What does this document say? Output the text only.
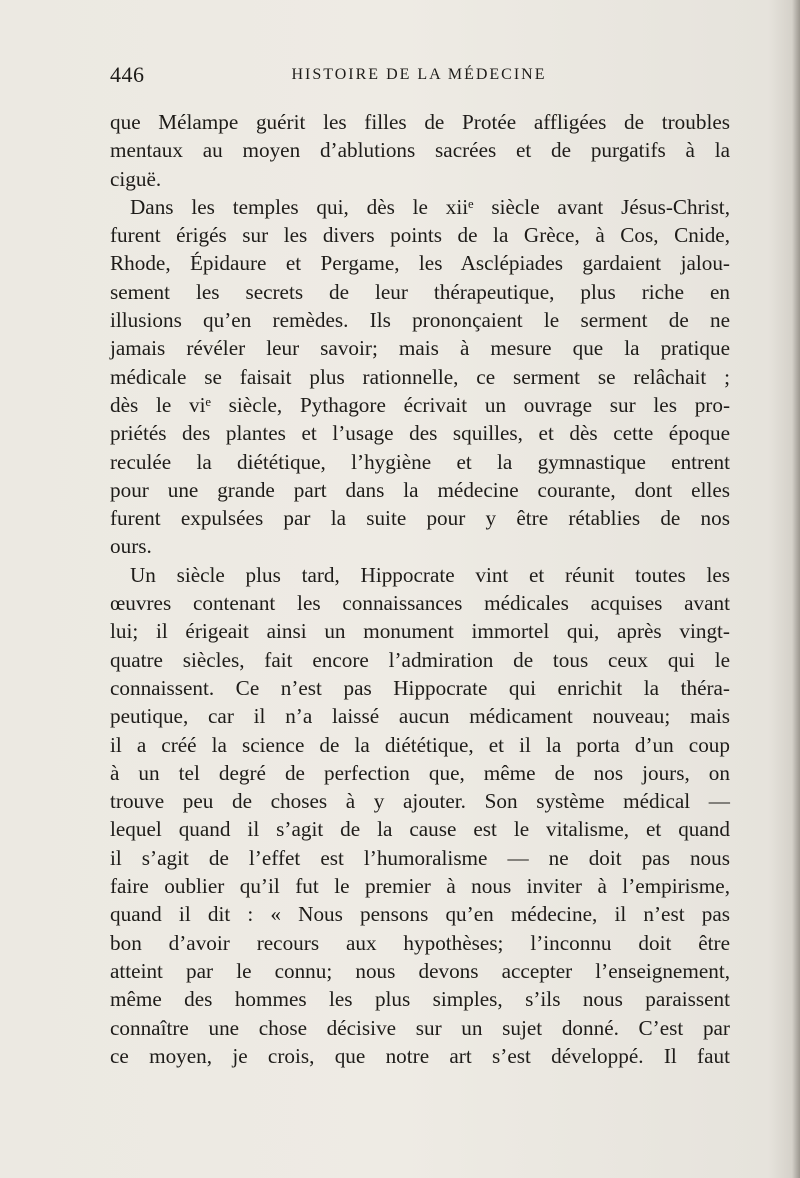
446	HISTOIRE DE LA MÉDECINE
que Mélampe guérit les filles de Protée affligées de troubles
mentaux au moyen d’ablutions sacrées et de purgatifs à la
ciguë.
Dans les temples qui, dès le xiiᵉ siècle avant Jésus-Christ,
furent érigés sur les divers points de la Grèce, à Cos, Cnide,
Rhode, Épidaure et Pergame, les Asclépiades gardaient jalou-
sement les secrets de leur thérapeutique, plus riche en
illusions qu’en remèdes. Ils prononçaient le serment de ne
jamais révéler leur savoir; mais à mesure que la pratique
médicale se faisait plus rationnelle, ce serment se relâchait ;
dès le viᵉ siècle, Pythagore écrivait un ouvrage sur les pro-
priétés des plantes et l’usage des squilles, et dès cette époque
reculée la diététique, l’hygiène et la gymnastique entrent
pour une grande part dans la médecine courante, dont elles
furent expulsées par la suite pour y être rétablies de nos
ours.
Un siècle plus tard, Hippocrate vint et réunit toutes les
œuvres contenant les connaissances médicales acquises avant
lui; il érigeait ainsi un monument immortel qui, après vingt-
quatre siècles, fait encore l’admiration de tous ceux qui le
connaissent. Ce n’est pas Hippocrate qui enrichit la théra-
peutique, car il n’a laissé aucun médicament nouveau; mais
il a créé la science de la diététique, et il la porta d’un coup
à un tel degré de perfection que, même de nos jours, on
trouve peu de choses à y ajouter. Son système médical —
lequel quand il s’agit de la cause est le vitalisme, et quand
il s’agit de l’effet est l’humoralisme — ne doit pas nous
faire oublier qu’il fut le premier à nous inviter à l’empirisme,
quand il dit : « Nous pensons qu’en médecine, il n’est pas
bon d’avoir recours aux hypothèses; l’inconnu doit être
atteint par le connu; nous devons accepter l’enseignement,
même des hommes les plus simples, s’ils nous paraissent
connaître une chose décisive sur un sujet donné. C’est par
ce moyen, je crois, que notre art s’est développé. Il faut
